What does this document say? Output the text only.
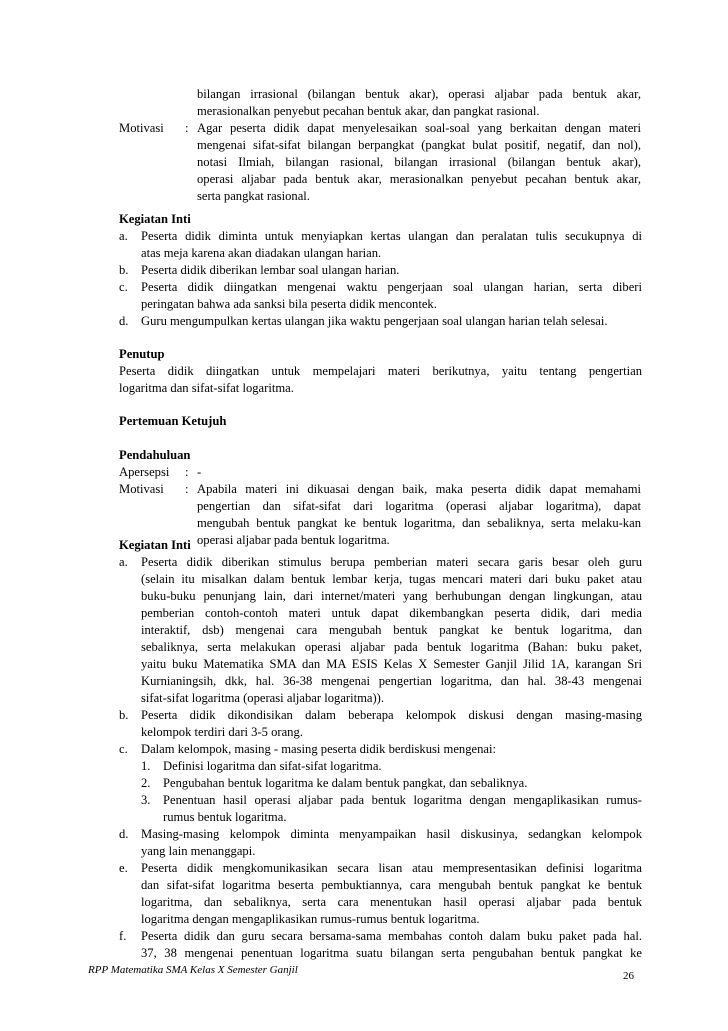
bilangan irrasional (bilangan bentuk akar), operasi aljabar pada bentuk akar,
merasionalkan penyebut pecahan bentuk akar, dan pangkat rasional.
Motivasi : Agar peserta didik dapat menyelesaikan soal-soal yang berkaitan dengan materi
mengenai sifat-sifat bilangan berpangkat (pangkat bulat positif, negatif, dan nol),
notasi Ilmiah, bilangan rasional, bilangan irrasional (bilangan bentuk akar),
operasi aljabar pada bentuk akar, merasionalkan penyebut pecahan bentuk akar,
serta pangkat rasional.
Kegiatan Inti
a.	Peserta didik diminta untuk menyiapkan kertas ulangan dan peralatan tulis secukupnya di
atas meja karena akan diadakan ulangan harian.
b. Peserta didik diberikan lembar soal ulangan harian.
c.	Peserta didik diingatkan mengenai waktu pengerjaan soal ulangan harian, serta diberi
peringatan bahwa ada sanksi bila peserta didik mencontek.
d. Guru mengumpulkan kertas ulangan jika waktu pengerjaan soal ulangan harian telah selesai.
Penutup
Peserta didik diingatkan untuk mempelajari materi berikutnya, yaitu tentang pengertian
logaritma dan sifat-sifat logaritma.
Pertemuan Ketujuh
Pendahuluan
Apersepsi : -
Motivasi : Apabila materi ini dikuasai dengan baik, maka peserta didik dapat memahami
pengertian dan sifat-sifat dari logaritma (operasi aljabar logaritma), dapat
mengubah bentuk pangkat ke bentuk logaritma, dan sebaliknya, serta melaku-kan
operasi aljabar pada bentuk logaritma.
Kegiatan Inti
a.	Peserta didik diberikan stimulus berupa pemberian materi secara garis besar oleh guru
(selain itu misalkan dalam bentuk lembar kerja, tugas mencari materi dari buku paket atau
buku-buku penunjang lain, dari internet/materi yang berhubungan dengan lingkungan, atau
pemberian contoh-contoh materi untuk dapat dikembangkan peserta didik, dari media
interaktif, dsb) mengenai cara mengubah bentuk pangkat ke bentuk logaritma, dan
sebaliknya, serta melakukan operasi aljabar pada bentuk logaritma (Bahan: buku paket,
yaitu buku Matematika SMA dan MA ESIS Kelas X Semester Ganjil Jilid 1A, karangan Sri
Kurnianingsih, dkk, hal. 36-38 mengenai pengertian logaritma, dan hal. 38-43 mengenai
sifat-sifat logaritma (operasi aljabar logaritma)).
b. Peserta didik dikondisikan dalam beberapa kelompok diskusi dengan masing-masing
kelompok terdiri dari 3-5 orang.
c.	Dalam kelompok, masing - masing peserta didik berdiskusi mengenai:
1. Definisi logaritma dan sifat-sifat logaritma.
2. Pengubahan bentuk logaritma ke dalam bentuk pangkat, dan sebaliknya.
3. Penentuan hasil operasi aljabar pada bentuk logaritma dengan mengaplikasikan rumus-
rumus bentuk logaritma.
d. Masing-masing kelompok diminta menyampaikan hasil diskusinya, sedangkan kelompok
yang lain menanggapi.
e.	Peserta didik mengkomunikasikan secara lisan atau mempresentasikan definisi logaritma
dan sifat-sifat logaritma beserta pembuktiannya, cara mengubah bentuk pangkat ke bentuk
logaritma, dan sebaliknya, serta cara menentukan hasil operasi aljabar pada bentuk
logaritma dengan mengaplikasikan rumus-rumus bentuk logaritma.
f.	Peserta didik dan guru secara bersama-sama membahas contoh dalam buku paket pada hal.
37, 38 mengenai penentuan logaritma suatu bilangan serta pengubahan bentuk pangkat ke
RPP Matematika SMA Kelas X Semester Ganjil	26
